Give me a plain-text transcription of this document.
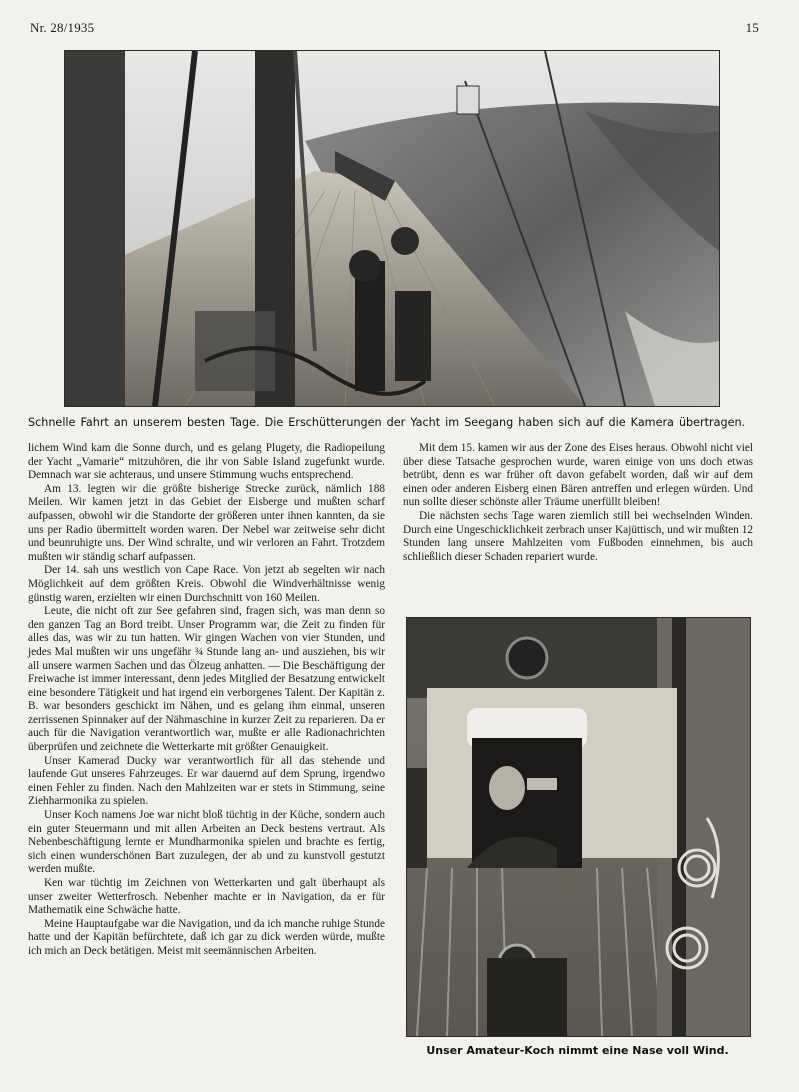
Nr. 28/1935	15
Schnelle Fahrt an unserem besten Tage. Die Erschütterungen der Yacht im Seegang haben sich auf die Kamera übertragen.

lichem Wind kam die Sonne durch, und es gelang Plugety, die Radiopeilung der Yacht „Vamarie“ mitzuhören, die ihr von Sable Island zugefunkt wurde. Demnach war sie achteraus, und unsere Stimmung wuchs entsprechend.

Am 13. legten wir die größte bisherige Strecke zurück, nämlich 188 Meilen. Wir kamen jetzt in das Gebiet der Eisberge und mußten scharf aufpassen, obwohl wir die Standorte der größeren unter ihnen kannten, da sie uns per Radio übermittelt worden waren. Der Nebel war zeitweise sehr dicht und beunruhigte uns. Der Wind schralte, und wir verloren an Fahrt. Trotzdem mußten wir ständig scharf aufpassen.

Der 14. sah uns westlich von Cape Race. Von jetzt ab segelten wir nach Möglichkeit auf dem größten Kreis. Obwohl die Windverhältnisse wenig günstig waren, erzielten wir einen Durchschnitt von 160 Meilen.

Leute, die nicht oft zur See gefahren sind, fragen sich, was man denn so den ganzen Tag an Bord treibt. Unser Programm war, die Zeit zu finden für alles das, was wir zu tun hatten. Wir gingen Wachen von vier Stunden, und jedes Mal mußten wir uns ungefähr ¾ Stunde lang an- und ausziehen, bis wir all unsere warmen Sachen und das Ölzeug anhatten. — Die Beschäftigung der Freiwache ist immer interessant, denn jedes Mitglied der Besatzung entwickelt eine besondere Tätigkeit und hat irgend ein verborgenes Talent. Der Kapitän z. B. war besonders geschickt im Nähen, und es gelang ihm einmal, unseren zerrissenen Spinnaker auf der Nähmaschine in kurzer Zeit zu reparieren. Da er auch für die Navigation verantwortlich war, mußte er alle Radionachrichten überprüfen und zeichnete die Wetterkarte mit größter Genauigkeit.

Unser Kamerad Ducky war verantwortlich für all das stehende und laufende Gut unseres Fahrzeuges. Er war dauernd auf dem Sprung, irgendwo einen Fehler zu finden. Nach den Mahlzeiten war er stets in Stimmung, seine Ziehharmonika zu spielen.

Unser Koch namens Joe war nicht bloß tüchtig in der Küche, sondern auch ein guter Steuermann und mit allen Arbeiten an Deck bestens vertraut. Als Nebenbeschäftigung lernte er Mundharmonika spielen und brachte es fertig, sich einen wunderschönen Bart zuzulegen, der ab und zu kunstvoll gestutzt werden mußte.

Ken war tüchtig im Zeichnen von Wetterkarten und galt überhaupt als unser zweiter Wetterfrosch. Nebenher machte er in Navigation, da er für Mathematik eine Schwäche hatte.

Meine Hauptaufgabe war die Navigation, und da ich manche ruhige Stunde hatte und der Kapitän befürchtete, daß ich gar zu dick werden würde, mußte ich mich an Deck betätigen. Meist mit seemännischen Arbeiten.

Mit dem 15. kamen wir aus der Zone des Eises heraus. Obwohl nicht viel über diese Tatsache gesprochen wurde, waren einige von uns doch etwas betrübt, denn es war früher oft davon gefabelt worden, daß wir auf dem einen oder anderen Eisberg einen Bären antreffen und erlegen würden. Und nun sollte dieser schönste aller Träume unerfüllt bleiben!

Die nächsten sechs Tage waren ziemlich still bei wechselnden Winden. Durch eine Ungeschicklichkeit zerbrach unser Kajüttisch, und wir mußten 12 Stunden lang unsere Mahlzeiten vom Fußboden einnehmen, bis auch schließlich dieser Schaden repariert wurde.

Unser Amateur-Koch nimmt eine Nase voll Wind.
